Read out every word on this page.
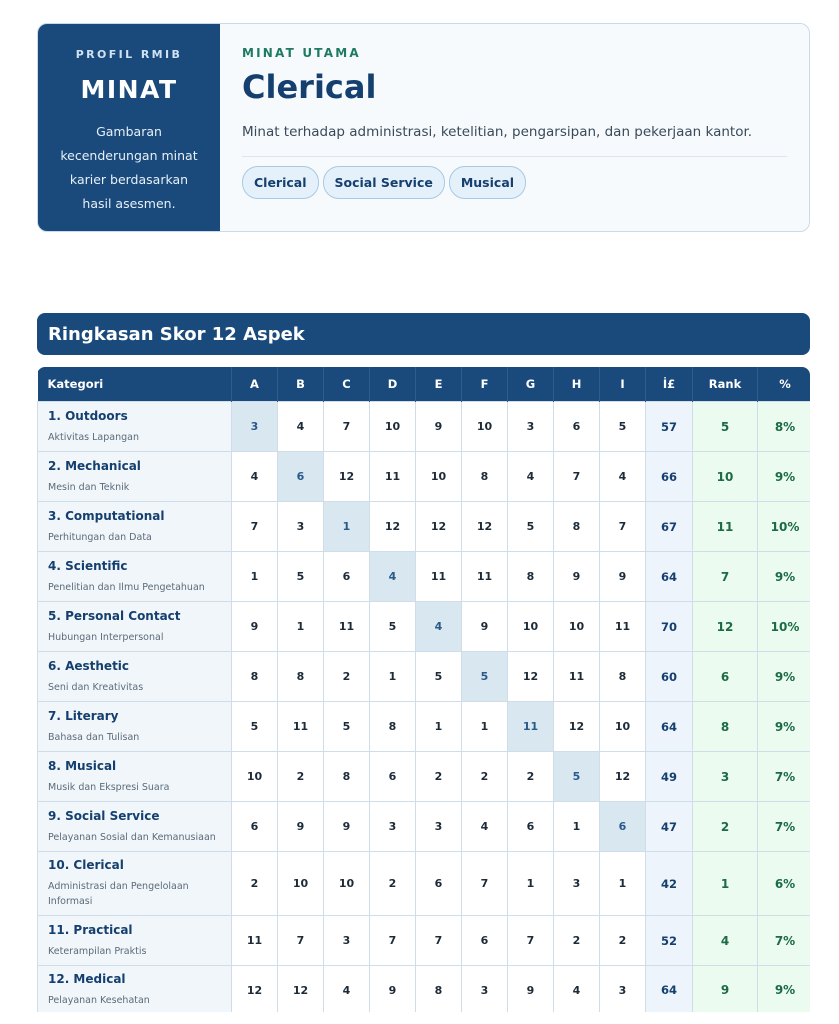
PROFIL RMIB
MINAT
Gambaran kecenderungan minat karier berdasarkan hasil asesmen.
MINAT UTAMA
Clerical
Minat terhadap administrasi, ketelitian, pengarsipan, dan pekerjaan kantor.
Clerical	Social Service	Musical
Ringkasan Skor 12 Aspek
Kategori	A	B	C	D	E	F	G	H	I	İ£	Rank	%

1. Outdoors
Aktivitas Lapangan	3	4	7	10	9	10	3	6	5	57	5	8%

2. Mechanical
Mesin dan Teknik	4	6	12	11	10	8	4	7	4	66	10	9%

3. Computational
Perhitungan dan Data	7	3	1	12	12	12	5	8	7	67	11	10%

4. Scientific
Penelitian dan Ilmu Pengetahuan	1	5	6	4	11	11	8	9	9	64	7	9%

5. Personal Contact
Hubungan Interpersonal	9	1	11	5	4	9	10	10	11	70	12	10%

6. Aesthetic
Seni dan Kreativitas	8	8	2	1	5	5	12	11	8	60	6	9%

7. Literary
Bahasa dan Tulisan	5	11	5	8	1	1	11	12	10	64	8	9%

8. Musical
Musik dan Ekspresi Suara	10	2	8	6	2	2	2	5	12	49	3	7%

9. Social Service
Pelayanan Sosial dan Kemanusiaan	6	9	9	3	3	4	6	1	6	47	2	7%

10. Clerical
Administrasi dan Pengelolaan Informasi	2	10	10	2	6	7	1	3	1	42	1	6%

11. Practical
Keterampilan Praktis	11	7	3	7	7	6	7	2	2	52	4	7%

12. Medical
Pelayanan Kesehatan	12	12	4	9	8	3	9	4	3	64	9	9%
